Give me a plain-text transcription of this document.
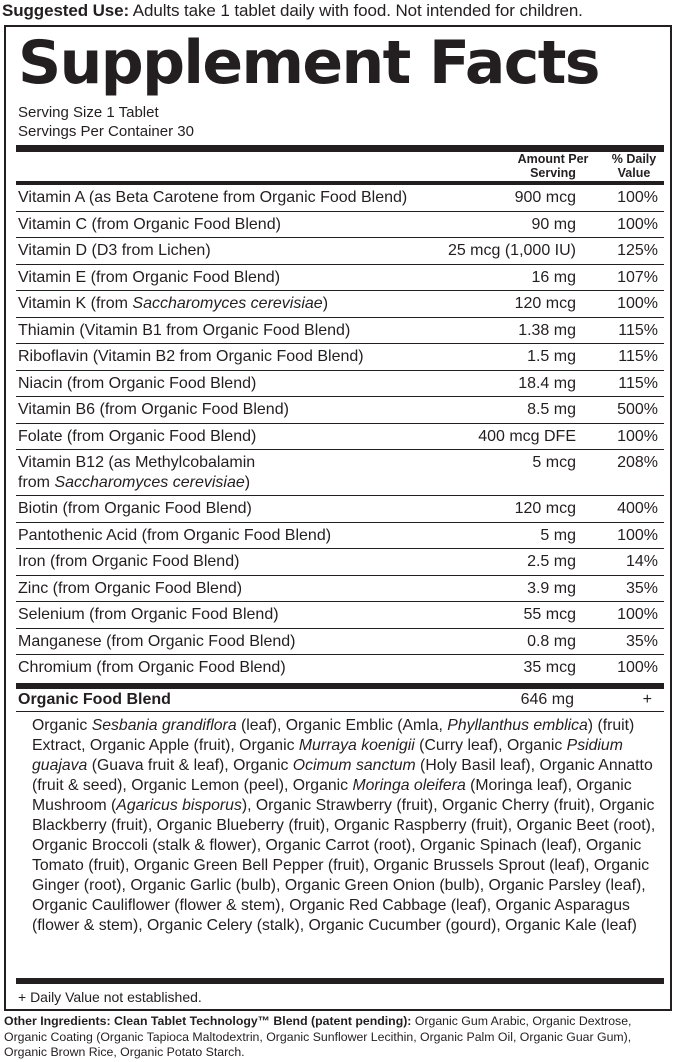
Suggested Use: Adults take 1 tablet daily with food. Not intended for children.
Supplement Facts
Serving Size 1 Tablet
Servings Per Container 30
Amount Per
Serving
% Daily
Value
Vitamin A (as Beta Carotene from Organic Food Blend)	900 mcg	100%
Vitamin C (from Organic Food Blend)	90 mg	100%
Vitamin D (D3 from Lichen)	25 mcg (1,000 IU)	125%
Vitamin E (from Organic Food Blend)	16 mg	107%
Vitamin K (from Saccharomyces cerevisiae)	120 mcg	100%
Thiamin (Vitamin B1 from Organic Food Blend)	1.38 mg	115%
Riboflavin (Vitamin B2 from Organic Food Blend)	1.5 mg	115%
Niacin (from Organic Food Blend)	18.4 mg	115%
Vitamin B6 (from Organic Food Blend)	8.5 mg	500%
Folate (from Organic Food Blend)	400 mcg DFE	100%
Vitamin B12 (as Methylcobalamin
from Saccharomyces cerevisiae)
5 mcg	208%
Biotin (from Organic Food Blend)	120 mcg	400%
Pantothenic Acid (from Organic Food Blend)	5 mg	100%
Iron (from Organic Food Blend)	2.5 mg	14%
Zinc (from Organic Food Blend)	3.9 mg	35%
Selenium (from Organic Food Blend)	55 mcg	100%
Manganese (from Organic Food Blend)	0.8 mg	35%
Chromium (from Organic Food Blend)	35 mcg	100%
Organic Food Blend	646 mg	+
Organic Sesbania grandiflora (leaf), Organic Emblic (Amla, Phyllanthus emblica) (fruit) Extract, Organic Apple (fruit), Organic Murraya koenigii (Curry leaf), Organic Psidium guajava (Guava fruit & leaf), Organic Ocimum sanctum (Holy Basil leaf), Organic Annatto (fruit & seed), Organic Lemon (peel), Organic Moringa oleifera (Moringa leaf), Organic Mushroom (Agaricus bisporus), Organic Strawberry (fruit), Organic Cherry (fruit), Organic Blackberry (fruit), Organic Blueberry (fruit), Organic Raspberry (fruit), Organic Beet (root), Organic Broccoli (stalk & flower), Organic Carrot (root), Organic Spinach (leaf), Organic Tomato (fruit), Organic Green Bell Pepper (fruit), Organic Brussels Sprout (leaf), Organic Ginger (root), Organic Garlic (bulb), Organic Green Onion (bulb), Organic Parsley (leaf), Organic Cauliflower (flower & stem), Organic Red Cabbage (leaf), Organic Asparagus (flower & stem), Organic Celery (stalk), Organic Cucumber (gourd), Organic Kale (leaf)
+ Daily Value not established.
Other Ingredients: Clean Tablet Technology™ Blend (patent pending): Organic Gum Arabic, Organic Dextrose, Organic Coating (Organic Tapioca Maltodextrin, Organic Sunflower Lecithin, Organic Palm Oil, Organic Guar Gum), Organic Brown Rice, Organic Potato Starch.
